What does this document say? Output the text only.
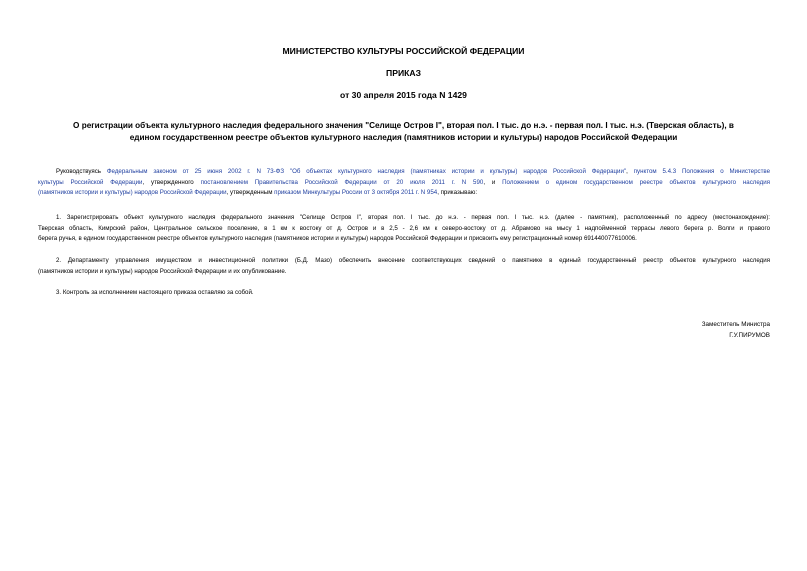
МИНИСТЕРСТВО КУЛЬТУРЫ РОССИЙСКОЙ ФЕДЕРАЦИИ
ПРИКАЗ
от 30 апреля 2015 года N 1429
О регистрации объекта культурного наследия федерального значения "Селище Остров I", вторая пол. I тыс. до н.э. - первая пол. I тыс. н.э. (Тверская область), в
едином государственном реестре объектов культурного наследия (памятников истории и культуры) народов Российской Федерации
Руководствуясь Федеральным законом от 25 июня 2002 г. N 73-ФЗ "Об объектах культурного наследия (памятниках истории и культуры) народов Российской Федерации", пунктом 5.4.3 Положения о Министерстве
культуры Российской Федерации, утвержденного постановлением Правительства Российской Федерации от 20 июля 2011 г. N 590, и Положением о едином государственном реестре объектов культурного наследия
(памятников истории и культуры) народов Российской Федерации, утвержденным приказом Минкультуры России от 3 октября 2011 г. N 954, приказываю:
1. Зарегистрировать объект культурного наследия федерального значения "Селище Остров I", вторая пол. I тыс. до н.э. - первая пол. I тыс. н.э. (далее - памятник), расположенный по адресу (местонахождение):
Тверская область, Кимрский район, Центральное сельское поселение, в 1 км к востоку от д. Остров и в 2,5 - 2,6 км к северо-востоку от д. Абрамово на мысу 1 надпойменной террасы левого берега р. Волги и правого
берега ручья, в едином государственном реестре объектов культурного наследия (памятников истории и культуры) народов Российской Федерации и присвоить ему регистрационный номер 691440077610006.
2. Департаменту управления имуществом и инвестиционной политики (Б.Д. Мазо) обеспечить внесение соответствующих сведений о памятнике в единый государственный реестр объектов культурного наследия
(памятников истории и культуры) народов Российской Федерации и их опубликование.
3. Контроль за исполнением настоящего приказа оставляю за собой.
Заместитель Министра
Г.У.ПИРУМОВ
